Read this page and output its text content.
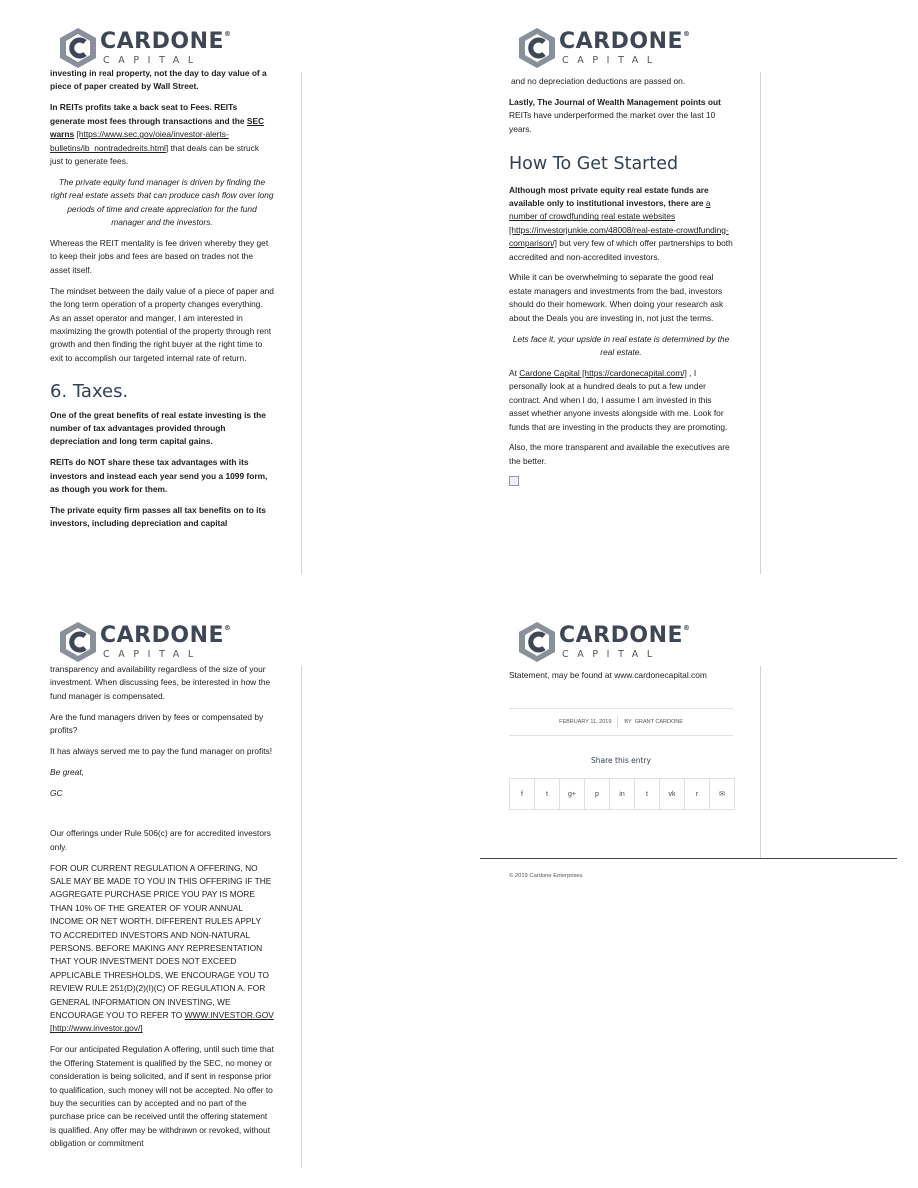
CARDONE®
CAPITAL

investing in real property, not the day to day value of a piece of paper created by Wall Street.

In REITs profits take a back seat to Fees. REITs generate most fees through transactions and the SEC warns [https://www.sec.gov/oiea/investor-alerts-bulletins/ib_nontradedreits.html] that deals can be struck just to generate fees.

The private equity fund manager is driven by finding the right real estate assets that can produce cash flow over long periods of time and create appreciation for the fund manager and the investors.

Whereas the REIT mentality is fee driven whereby they get to keep their jobs and fees are based on trades not the asset itself.

The mindset between the daily value of a piece of paper and the long term operation of a property changes everything. As an asset operator and manger, I am interested in maximizing the growth potential of the property through rent growth and then finding the right buyer at the right time to exit to accomplish our targeted internal rate of return.

6. Taxes.

One of the great benefits of real estate investing is the number of tax advantages provided through depreciation and long term capital gains.

REITs do NOT share these tax advantages with its investors and instead each year send you a 1099 form, as though you work for them.

The private equity firm passes all tax benefits on to its investors, including depreciation and capital

CARDONE®
CAPITAL

and no depreciation deductions are passed on.

Lastly, The Journal of Wealth Management points out REITs have underperformed the market over the last 10 years.

How To Get Started

Although most private equity real estate funds are available only to institutional investors, there are a number of crowdfunding real estate websites [https://investorjunkie.com/48008/real-estate-crowdfunding-comparison/] but very few of which offer partnerships to both accredited and non-accredited investors.

While it can be overwhelming to separate the good real estate managers and investments from the bad, investors should do their homework. When doing your research ask about the Deals you are investing in, not just the terms.

Lets face it, your upside in real estate is determined by the real estate.

At Cardone Capital [https://cardonecapital.com/] , I personally look at a hundred deals to put a few under contract. And when I do, I assume I am invested in this asset whether anyone invests alongside with me. Look for funds that are investing in the products they are promoting.

Also, the more transparent and available the executives are the better.

CARDONE®
CAPITAL

transparency and availability regardless of the size of your investment. When discussing fees, be interested in how the fund manager is compensated.

Are the fund managers driven by fees or compensated by profits?

It has always served me to pay the fund manager on profits!

Be great,

GC

Our offerings under Rule 506(c) are for accredited investors only.

FOR OUR CURRENT REGULATION A OFFERING, NO SALE MAY BE MADE TO YOU IN THIS OFFERING IF THE AGGREGATE PURCHASE PRICE YOU PAY IS MORE THAN 10% OF THE GREATER OF YOUR ANNUAL INCOME OR NET WORTH. DIFFERENT RULES APPLY TO ACCREDITED INVESTORS AND NON-NATURAL PERSONS. BEFORE MAKING ANY REPRESENTATION THAT YOUR INVESTMENT DOES NOT EXCEED APPLICABLE THRESHOLDS, WE ENCOURAGE YOU TO REVIEW RULE 251(D)(2)(I)(C) OF REGULATION A. FOR GENERAL INFORMATION ON INVESTING, WE ENCOURAGE YOU TO REFER TO WWW.INVESTOR.GOV [http://www.investor.gov/]

For our anticipated Regulation A offering, until such time that the Offering Statement is qualified by the SEC, no money or consideration is being solicited, and if sent in response prior to qualification, such money will not be accepted. No offer to buy the securities can by accepted and no part of the purchase price can be received until the offering statement is qualified. Any offer may be withdrawn or revoked, without obligation or commitment

CARDONE®
CAPITAL

Statement, may be found at www.cardonecapital.com

FEBRUARY 11, 2019 BY GRANT CARDONE
Share this entry
f	t	g+	p	in	t	vk	r	✉
© 2019 Cardone Enterprises
